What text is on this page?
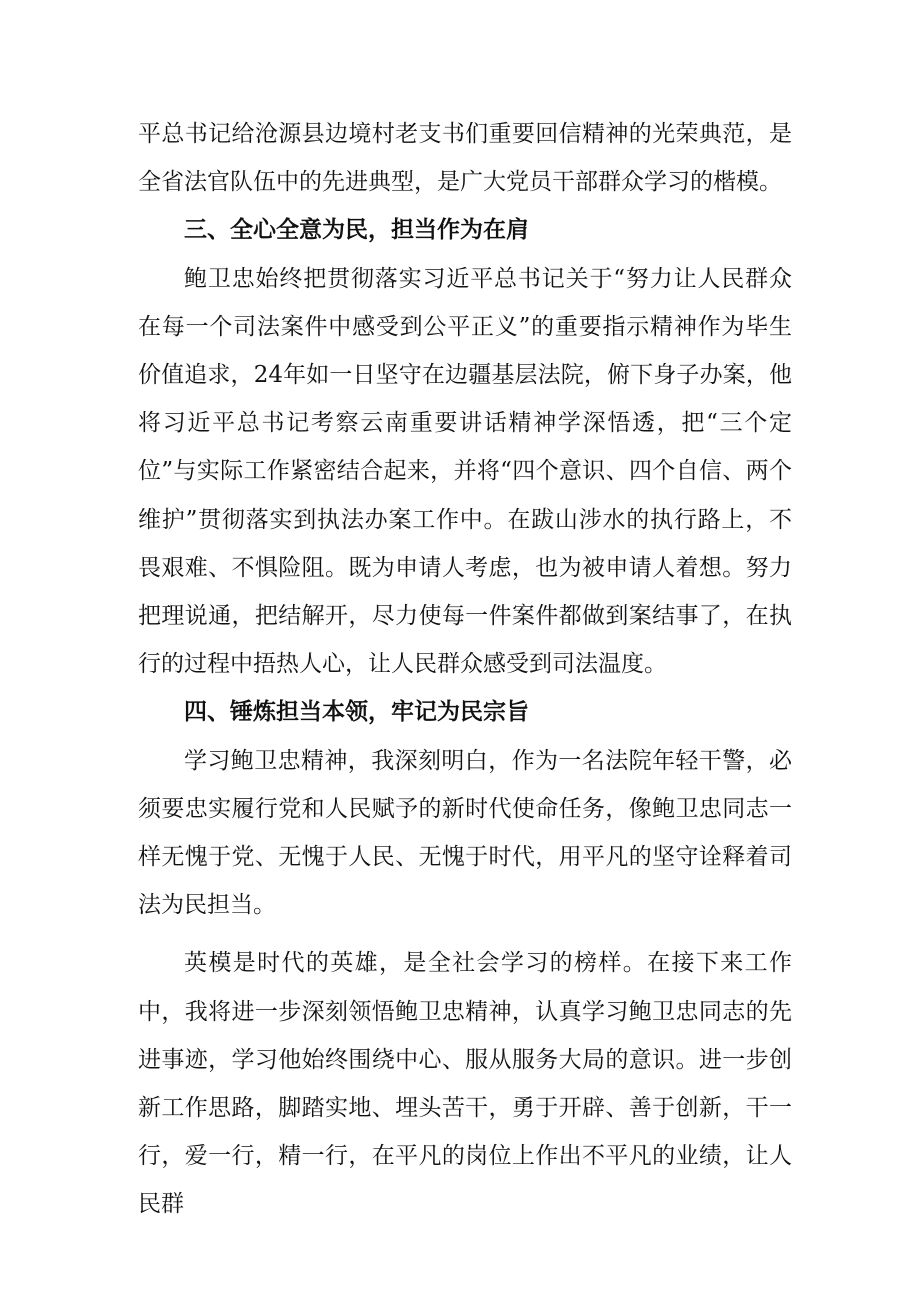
平总书记给沧源县边境村老支书们重要回信精神的光荣典范，是全省法官队伍中的先进典型，是广大党员干部群众学习的楷模。

三、全心全意为民，担当作为在肩

鲍卫忠始终把贯彻落实习近平总书记关于“努力让人民群众在每一个司法案件中感受到公平正义”的重要指示精神作为毕生价值追求，24年如一日坚守在边疆基层法院，俯下身子办案，他将习近平总书记考察云南重要讲话精神学深悟透，把“三个定位”与实际工作紧密结合起来，并将“四个意识、四个自信、两个维护”贯彻落实到执法办案工作中。在跋山涉水的执行路上，不畏艰难、不惧险阻。既为申请人考虑，也为被申请人着想。努力把理说通，把结解开，尽力使每一件案件都做到案结事了，在执行的过程中捂热人心，让人民群众感受到司法温度。

四、锤炼担当本领，牢记为民宗旨

学习鲍卫忠精神，我深刻明白，作为一名法院年轻干警，必须要忠实履行党和人民赋予的新时代使命任务，像鲍卫忠同志一样无愧于党、无愧于人民、无愧于时代，用平凡的坚守诠释着司法为民担当。

英模是时代的英雄，是全社会学习的榜样。在接下来工作中，我将进一步深刻领悟鲍卫忠精神，认真学习鲍卫忠同志的先进事迹，学习他始终围绕中心、服从服务大局的意识。进一步创新工作思路，脚踏实地、埋头苦干，勇于开辟、善于创新，干一行，爱一行，精一行，在平凡的岗位上作出不平凡的业绩，让人民群
